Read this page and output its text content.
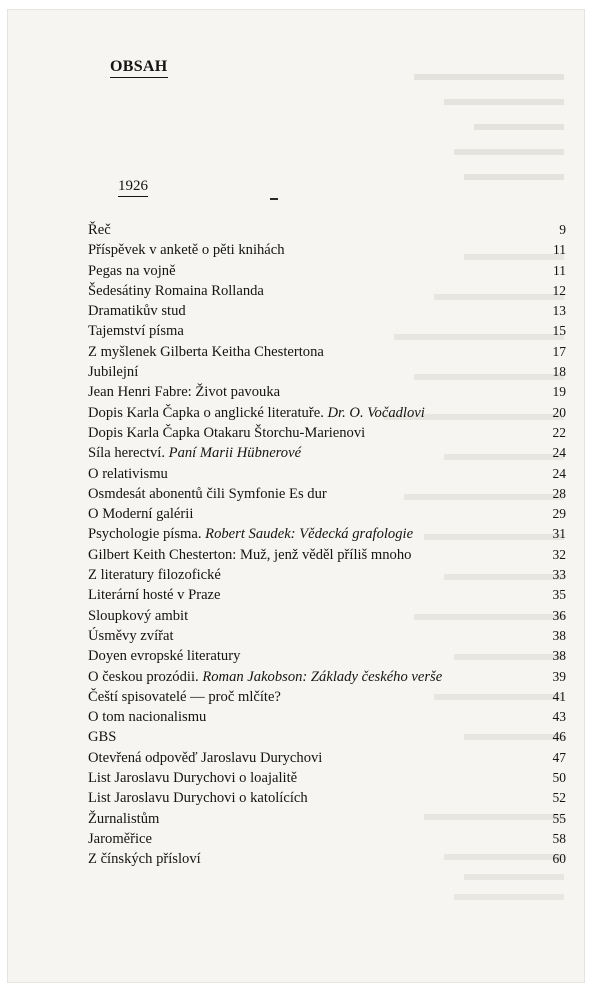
OBSAH
1926
Řeč	9
Příspěvek v anketě o pěti knihách	11
Pegas na vojně	11
Šedesátiny Romaina Rollanda	12
Dramatikův stud	13
Tajemství písma	15
Z myšlenek Gilberta Keitha Chestertona	17
Jubilejní	18
Jean Henri Fabre: Život pavouka	19
Dopis Karla Čapka o anglické literatuře. Dr. O. Vočadlovi	20
Dopis Karla Čapka Otakaru Štorchu-Marienovi	22
Síla herectví. Paní Marii Hübnerové	24
O relativismu	24
Osmdesát abonentů čili Symfonie Es dur	28
O Moderní galérii	29
Psychologie písma. Robert Saudek: Vědecká grafologie	31
Gilbert Keith Chesterton: Muž, jenž věděl příliš mnoho	32
Z literatury filozofické	33
Literární hosté v Praze	35
Sloupkový ambit	36
Úsměvy zvířat	38
Doyen evropské literatury	38
O českou prozódii. Roman Jakobson: Základy českého verše	39
Čeští spisovatelé — proč mlčíte?	41
O tom nacionalismu	43
GBS	46
Otevřená odpověď Jaroslavu Durychovi	47
List Jaroslavu Durychovi o loajalitě	50
List Jaroslavu Durychovi o katolících	52
Žurnalistům	55
Jaroměřice	58
Z čínských přísloví	60
